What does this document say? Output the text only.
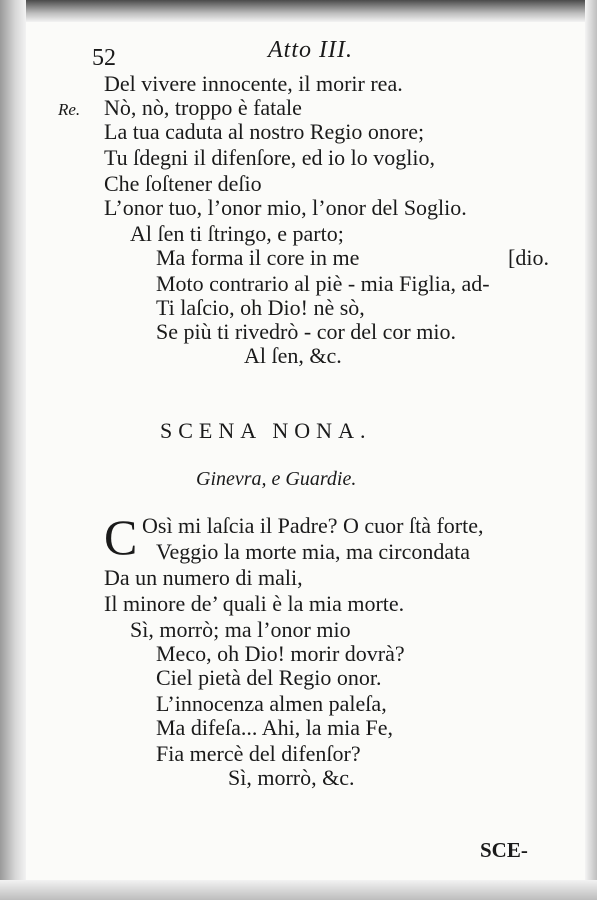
52	Atto III.
Re.
Del vivere innocente, il morir rea.
Nò, nò, troppo è fatale
La tua caduta al nostro Regio onore;
Tu ſdegni il difenſore, ed io lo voglio,
Che ſoſtener deſio
L’onor tuo, l’onor mio, l’onor del Soglio.
Al ſen ti ſtringo, e parto;
Ma forma il core in me	[dio.
Moto contrario al piè - mia Figlia, ad-
Ti laſcio, oh Dio! nè sò,
Se più ti rivedrò - cor del cor mio.
Al ſen, &c.
SCENA NONA.
Ginevra, e Guardie.
C Osì mi laſcia il Padre? O cuor ſtà forte,
Veggio la morte mia, ma circondata
Da un numero di mali,
Il minore de’ quali è la mia morte.
Sì, morrò; ma l’onor mio
Meco, oh Dio! morir dovrà?
Ciel pietà del Regio onor.
L’innocenza almen paleſa,
Ma difeſa... Ahi, la mia Fe,
Fia mercè del difenſor?
Sì, morrò, &c.
SCE-
